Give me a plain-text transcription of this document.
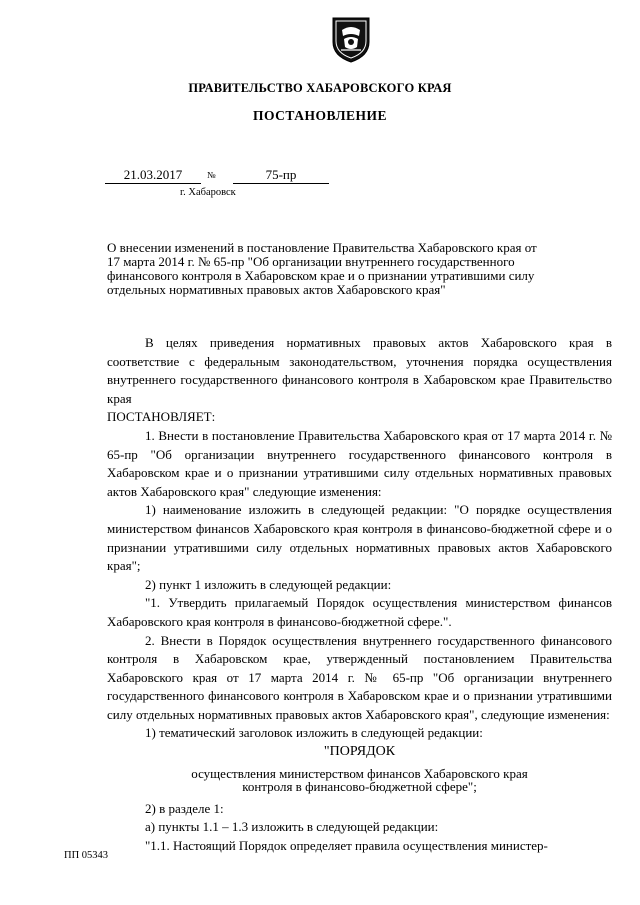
ПРАВИТЕЛЬСТВО ХАБАРОВСКОГО КРАЯ
ПОСТАНОВЛЕНИЕ
21.03.2017	№	75-пр
г. Хабаровск
О внесении изменений в постановление Правительства Хабаровского края от
17 марта 2014 г. № 65-пр "Об организации внутреннего государственного
финансового контроля в Хабаровском крае и о признании утратившими силу
отдельных нормативных правовых актов Хабаровского края"

В целях приведения нормативных правовых актов Хабаровского края в соответствие с федеральным законодательством, уточнения порядка осуществления внутреннего государственного финансового контроля в Хабаровском крае Правительство края

ПОСТАНОВЛЯЕТ:

1. Внести в постановление Правительства Хабаровского края от 17 марта 2014 г. № 65-пр "Об организации внутреннего государственного финансового контроля в Хабаровском крае и о признании утратившими силу отдельных нормативных правовых актов Хабаровского края" следующие изменения:

1) наименование изложить в следующей редакции: "О порядке осуществления министерством финансов Хабаровского края контроля в финансово-бюджетной сфере и о признании утратившими силу отдельных нормативных правовых актов Хабаровского края";

2) пункт 1 изложить в следующей редакции:

"1. Утвердить прилагаемый Порядок осуществления министерством финансов Хабаровского края контроля в финансово-бюджетной сфере.".

2. Внести в Порядок осуществления внутреннего государственного финансового контроля в Хабаровском крае, утвержденный постановлением Правительства Хабаровского края от 17 марта 2014 г. № 65-пр "Об организации внутреннего государственного финансового контроля в Хабаровском крае и о признании утратившими силу отдельных нормативных правовых актов Хабаровского края", следующие изменения:

1) тематический заголовок изложить в следующей редакции:

"ПОРЯДОК

осуществления министерством финансов Хабаровского края

контроля в финансово-бюджетной сфере";

2) в разделе 1:

а) пункты 1.1 – 1.3 изложить в следующей редакции:

"1.1. Настоящий Порядок определяет правила осуществления министер-

ПП 05343
